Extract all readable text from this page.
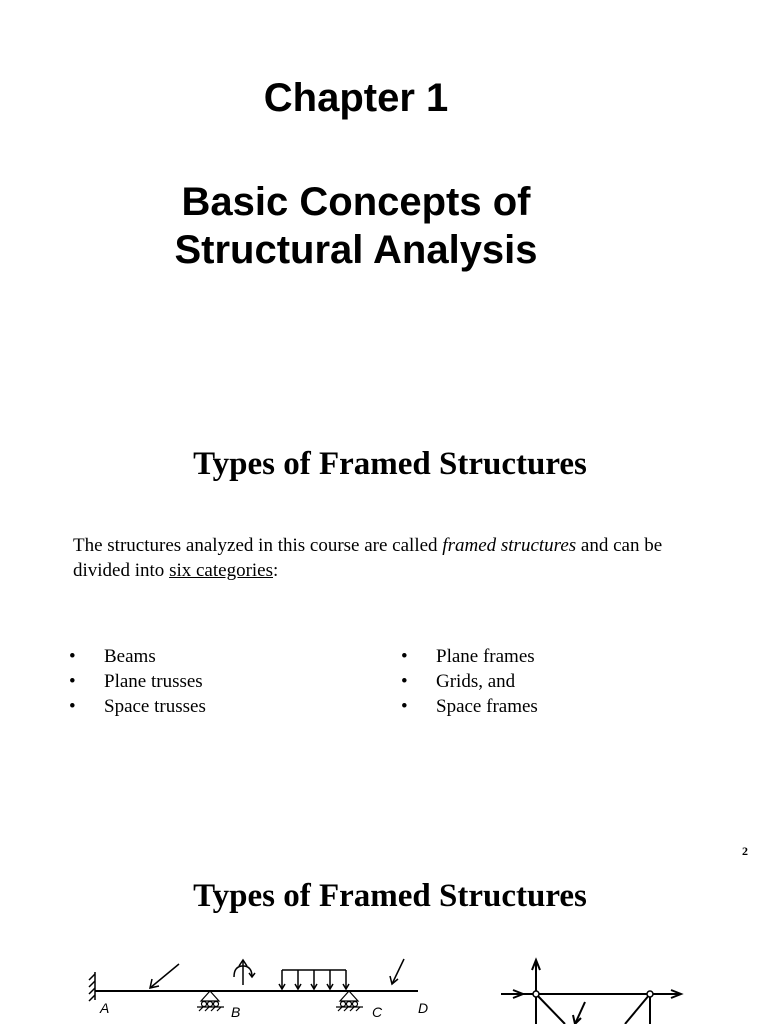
Chapter 1
Basic Concepts of
Structural Analysis
Types of Framed Structures
The structures analyzed in this course are called framed structures and can be divided into six categories:
• Beams
• Plane trusses
• Space trusses
• Plane frames
• Grids, and
• Space frames
2
Types of Framed Structures
A	B	C	D
